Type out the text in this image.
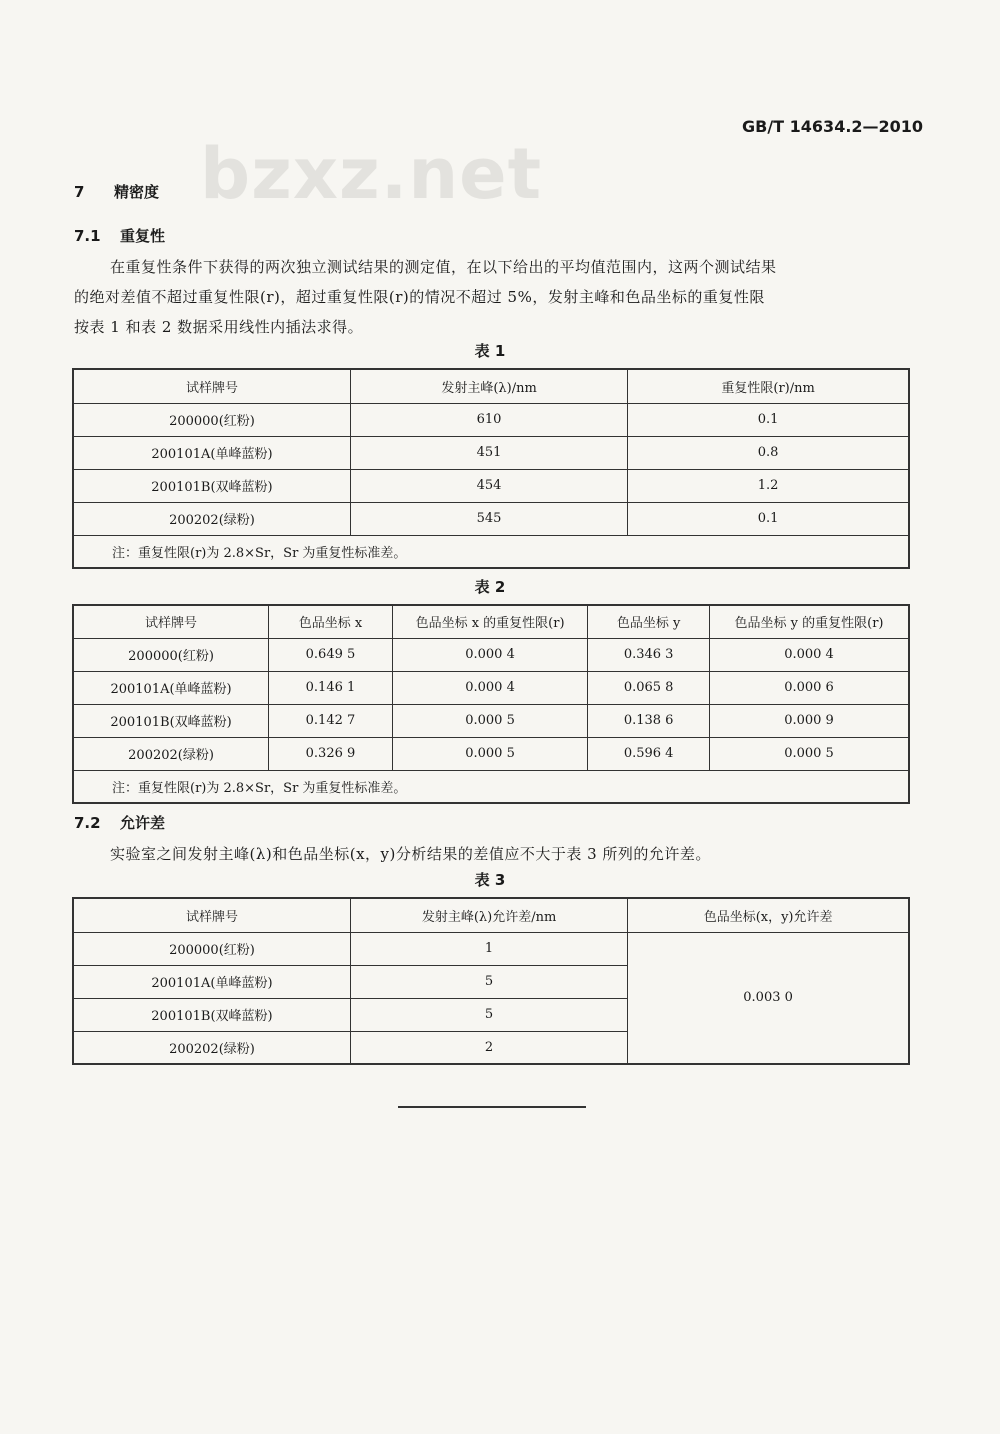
GB/T 14634.2—2010
bzxz.net
7 精密度
7.1 重复性
在重复性条件下获得的两次独立测试结果的测定值，在以下给出的平均值范围内，这两个测试结果
的绝对差值不超过重复性限(r)，超过重复性限(r)的情况不超过 5%，发射主峰和色品坐标的重复性限
按表 1 和表 2 数据采用线性内插法求得。
表 1
试样牌号	发射主峰(λ)/nm	重复性限(r)/nm
200000(红粉)	610	0.1
200101A(单峰蓝粉)	451	0.8
200101B(双峰蓝粉)	454	1.2
200202(绿粉)	545	0.1
注：重复性限(r)为 2.8×Sr，Sr 为重复性标准差。		
表 2
试样牌号	色品坐标 x	色品坐标 x 的重复性限(r)	色品坐标 y	色品坐标 y 的重复性限(r)
200000(红粉)	0.649 5	0.000 4	0.346 3	0.000 4
200101A(单峰蓝粉)	0.146 1	0.000 4	0.065 8	0.000 6
200101B(双峰蓝粉)	0.142 7	0.000 5	0.138 6	0.000 9
200202(绿粉)	0.326 9	0.000 5	0.596 4	0.000 5
注：重复性限(r)为 2.8×Sr，Sr 为重复性标准差。				
7.2 允许差
实验室之间发射主峰(λ)和色品坐标(x，y)分析结果的差值应不大于表 3 所列的允许差。
表 3
试样牌号	发射主峰(λ)允许差/nm	色品坐标(x，y)允许差
200000(红粉)	1	0.003 0
200101A(单峰蓝粉)	5	
200101B(双峰蓝粉)	5	
200202(绿粉)	2	
